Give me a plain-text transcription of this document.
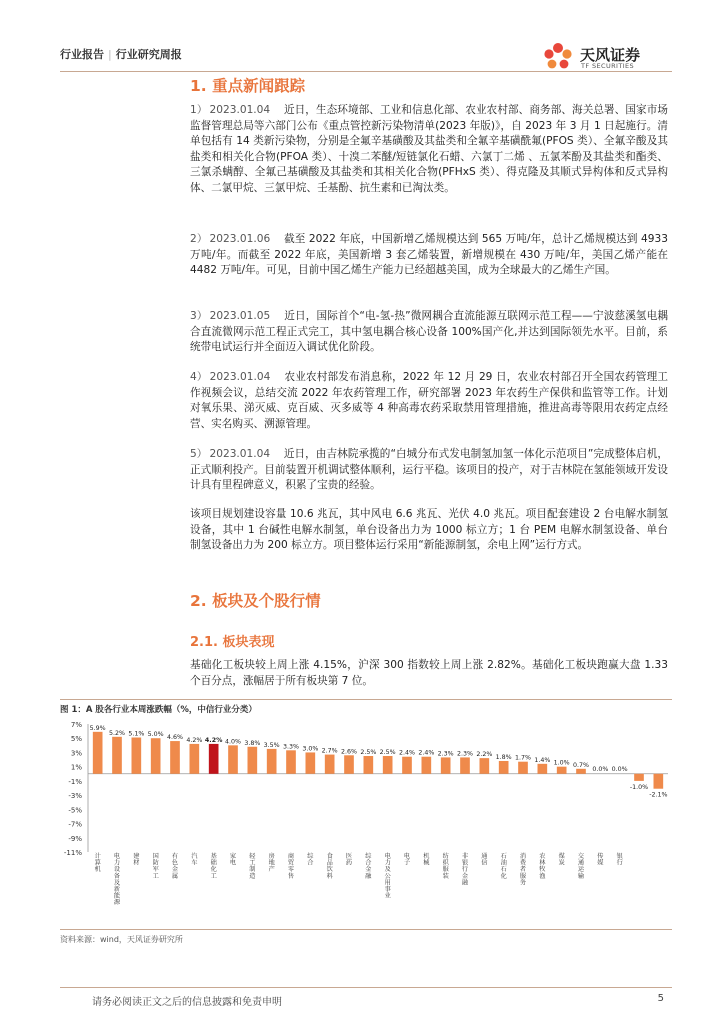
行业报告 | 行业研究周报	天风证券
TF SECURITIES
1. 重点新闻跟踪
1） 2023.01.04 近日，生态环境部、工业和信息化部、农业农村部、商务部、海关总署、国家市场监督管理总局等六部门公布《重点管控新污染物清单(2023 年版)》，自 2023 年 3 月 1 日起施行。清单包括有 14 类新污染物，分别是全氟辛基磺酸及其盐类和全氟辛基磺酰氟(PFOS 类）、全氟辛酸及其盐类和相关化合物(PFOA 类）、十溴二苯醚/短链氯化石蜡、六氯丁二烯 、五氯苯酚及其盐类和酯类、三氯杀螨醇、全氟己基磺酸及其盐类和其相关化合物(PFHxS 类）、得克隆及其顺式异构体和反式异构体、二氯甲烷、三氯甲烷、壬基酚、抗生素和已淘汰类。
2） 2023.01.06 截至 2022 年底，中国新增乙烯规模达到 565 万吨/年，总计乙烯规模达到 4933 万吨/年。而截至 2022 年底，美国新增 3 套乙烯装置，新增规模在 430 万吨/年，美国乙烯产能在 4482 万吨/年。可见，目前中国乙烯生产能力已经超越美国，成为全球最大的乙烯生产国。
3） 2023.01.05 近日，国际首个“电-氢-热”微网耦合直流能源互联网示范工程——宁波慈溪氢电耦合直流微网示范工程正式完工，其中氢电耦合核心设备 100%国产化,并达到国际领先水平。目前，系统带电试运行并全面迈入调试优化阶段。
4） 2023.01.04 农业农村部发布消息称，2022 年 12 月 29 日，农业农村部召开全国农药管理工作视频会议，总结交流 2022 年农药管理工作，研究部署 2023 年农药生产保供和监管等工作。计划对氧乐果、涕灭威、克百威、灭多威等 4 种高毒农药采取禁用管理措施，推进高毒等限用农药定点经营、实名购买、溯源管理。
5） 2023.01.04 近日，由吉林院承揽的“白城分布式发电制氢加氢一体化示范项目”完成整体启机，正式顺利投产。目前装置开机调试整体顺利，运行平稳。该项目的投产，对于吉林院在氢能领域开发设计具有里程碑意义，积累了宝贵的经验。
该项目规划建设容量 10.6 兆瓦，其中风电 6.6 兆瓦、光伏 4.0 兆瓦。项目配套建设 2 台电解水制氢设备，其中 1 台碱性电解水制氢，单台设备出力为 1000 标立方；1 台 PEM 电解水制氢设备、单台制氢设备出力为 200 标立方。项目整体运行采用“新能源制氢，余电上网”运行方式。
2. 板块及个股行情
2.1. 板块表现
基础化工板块较上周上涨 4.15%，沪深 300 指数较上周上涨 2.82%。基础化工板块跑赢大盘 1.33 个百分点，涨幅居于所有板块第 7 位。
图 1：A 股各行业本周涨跌幅（%，中信行业分类）
7%
5%
3%
1%
-1%
-3%
-5%
-7%
-9%
-11%
5.9%
5.2% 5.1% 5.0% 4.6% 4.2% 4.2% 4.0% 3.8% 3.5% 3.3% 3.0% 2.7% 2.6% 2.5% 2.5% 2.4% 2.4% 2.3% 2.3% 2.2% 1.8% 1.7% 1.4% 1.0% 0.7%
0.0% 0.0%
-1.0%
-2.1%
计算机
电力设备及新能源
建材
国防军工
有色金属
汽车
基础化工
家电
轻工制造
房地产
商贸零售
综合
食品饮料
医药
综合金融
电力及公用事业
电子
机械
纺织服装
非银行金融
通信
石油石化
消费者服务
农林牧渔
煤炭
交通运输
传媒
银行
资料来源：wind，天风证券研究所
请务必阅读正文之后的信息披露和免责申明	5
